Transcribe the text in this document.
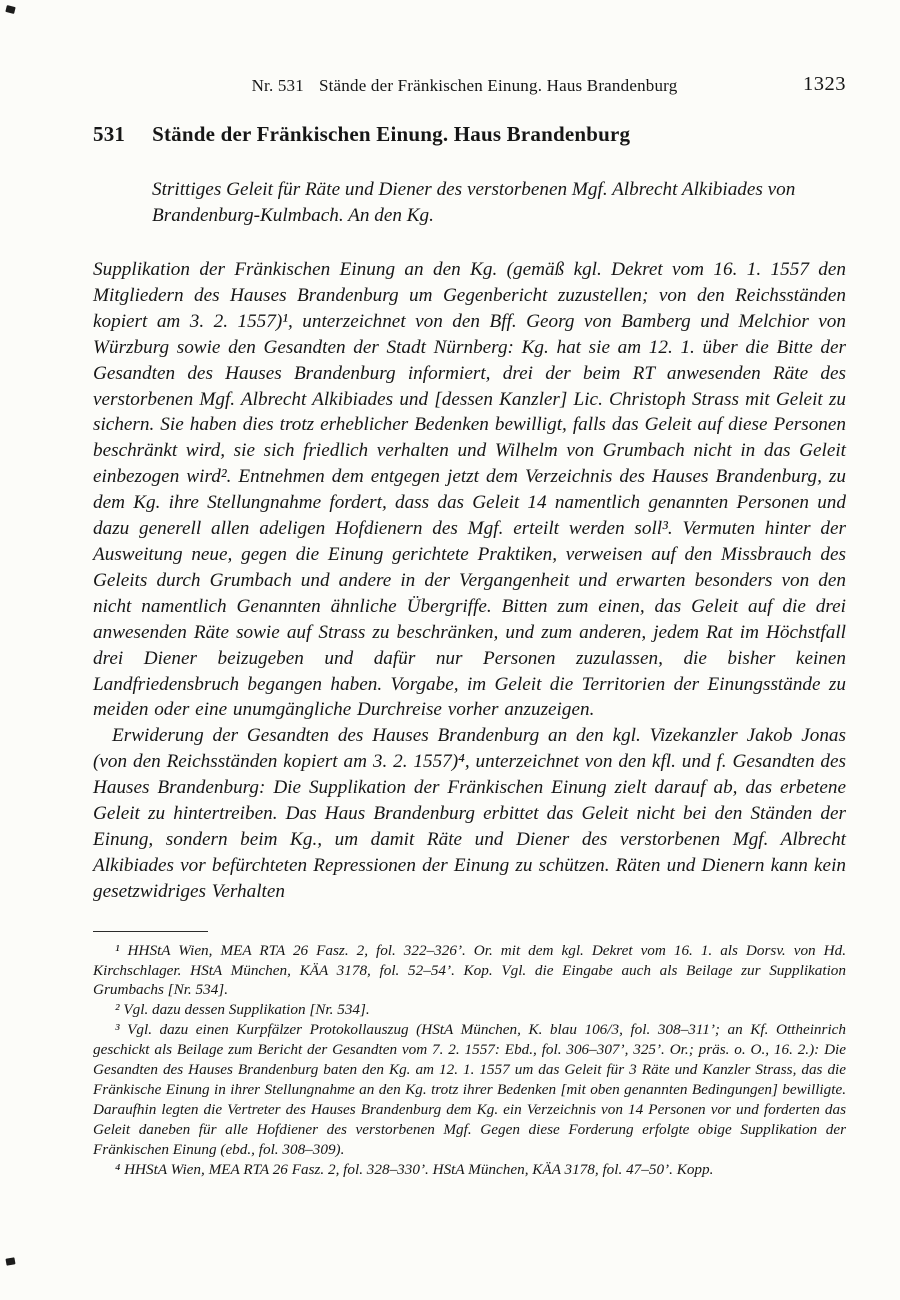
Nr. 531 Stände der Fränkischen Einung. Haus Brandenburg	1323
531 Stände der Fränkischen Einung. Haus Brandenburg

Strittiges Geleit für Räte und Diener des verstorbenen Mgf. Albrecht Alkibiades von Brandenburg-Kulmbach. An den Kg.

Supplikation der Fränkischen Einung an den Kg. (gemäß kgl. Dekret vom 16. 1. 1557 den Mitgliedern des Hauses Brandenburg um Gegenbericht zuzustellen; von den Reichsständen kopiert am 3. 2. 1557)¹, unterzeichnet von den Bff. Georg von Bamberg und Melchior von Würzburg sowie den Gesandten der Stadt Nürnberg: Kg. hat sie am 12. 1. über die Bitte der Gesandten des Hauses Brandenburg informiert, drei der beim RT anwesenden Räte des verstorbenen Mgf. Albrecht Alkibiades und [dessen Kanzler] Lic. Christoph Strass mit Geleit zu sichern. Sie haben dies trotz erheblicher Bedenken bewilligt, falls das Geleit auf diese Personen beschränkt wird, sie sich friedlich verhalten und Wilhelm von Grumbach nicht in das Geleit einbezogen wird². Entnehmen dem entgegen jetzt dem Verzeichnis des Hauses Brandenburg, zu dem Kg. ihre Stellungnahme fordert, dass das Geleit 14 namentlich genannten Personen und dazu generell allen adeligen Hofdienern des Mgf. erteilt werden soll³. Vermuten hinter der Ausweitung neue, gegen die Einung gerichtete Praktiken, verweisen auf den Missbrauch des Geleits durch Grumbach und andere in der Vergangenheit und erwarten besonders von den nicht namentlich Genannten ähnliche Übergriffe. Bitten zum einen, das Geleit auf die drei anwesenden Räte sowie auf Strass zu beschränken, und zum anderen, jedem Rat im Höchstfall drei Diener beizugeben und dafür nur Personen zuzulassen, die bisher keinen Landfriedensbruch begangen haben. Vorgabe, im Geleit die Territorien der Einungsstände zu meiden oder eine unumgängliche Durchreise vorher anzuzeigen.

Erwiderung der Gesandten des Hauses Brandenburg an den kgl. Vizekanzler Jakob Jonas (von den Reichsständen kopiert am 3. 2. 1557)⁴, unterzeichnet von den kfl. und f. Gesandten des Hauses Brandenburg: Die Supplikation der Fränkischen Einung zielt darauf ab, das erbetene Geleit zu hintertreiben. Das Haus Brandenburg erbittet das Geleit nicht bei den Ständen der Einung, sondern beim Kg., um damit Räte und Diener des verstorbenen Mgf. Albrecht Alkibiades vor befürchteten Repressionen der Einung zu schützen. Räten und Dienern kann kein gesetzwidriges Verhalten

¹ HHStA Wien, MEA RTA 26 Fasz. 2, fol. 322–326’. Or. mit dem kgl. Dekret vom 16. 1. als Dorsv. von Hd. Kirchschlager. HStA München, KÄA 3178, fol. 52–54’. Kop. Vgl. die Eingabe auch als Beilage zur Supplikation Grumbachs [Nr. 534].

² Vgl. dazu dessen Supplikation [Nr. 534].

³ Vgl. dazu einen Kurpfälzer Protokollauszug (HStA München, K. blau 106/3, fol. 308–311’; an Kf. Ottheinrich geschickt als Beilage zum Bericht der Gesandten vom 7. 2. 1557: Ebd., fol. 306–307’, 325’. Or.; präs. o. O., 16. 2.): Die Gesandten des Hauses Brandenburg baten den Kg. am 12. 1. 1557 um das Geleit für 3 Räte und Kanzler Strass, das die Fränkische Einung in ihrer Stellungnahme an den Kg. trotz ihrer Bedenken [mit oben genannten Bedingungen] bewilligte. Daraufhin legten die Vertreter des Hauses Brandenburg dem Kg. ein Verzeichnis von 14 Personen vor und forderten das Geleit daneben für alle Hofdiener des verstorbenen Mgf. Gegen diese Forderung erfolgte obige Supplikation der Fränkischen Einung (ebd., fol. 308–309).

⁴ HHStA Wien, MEA RTA 26 Fasz. 2, fol. 328–330’. HStA München, KÄA 3178, fol. 47–50’. Kopp.
